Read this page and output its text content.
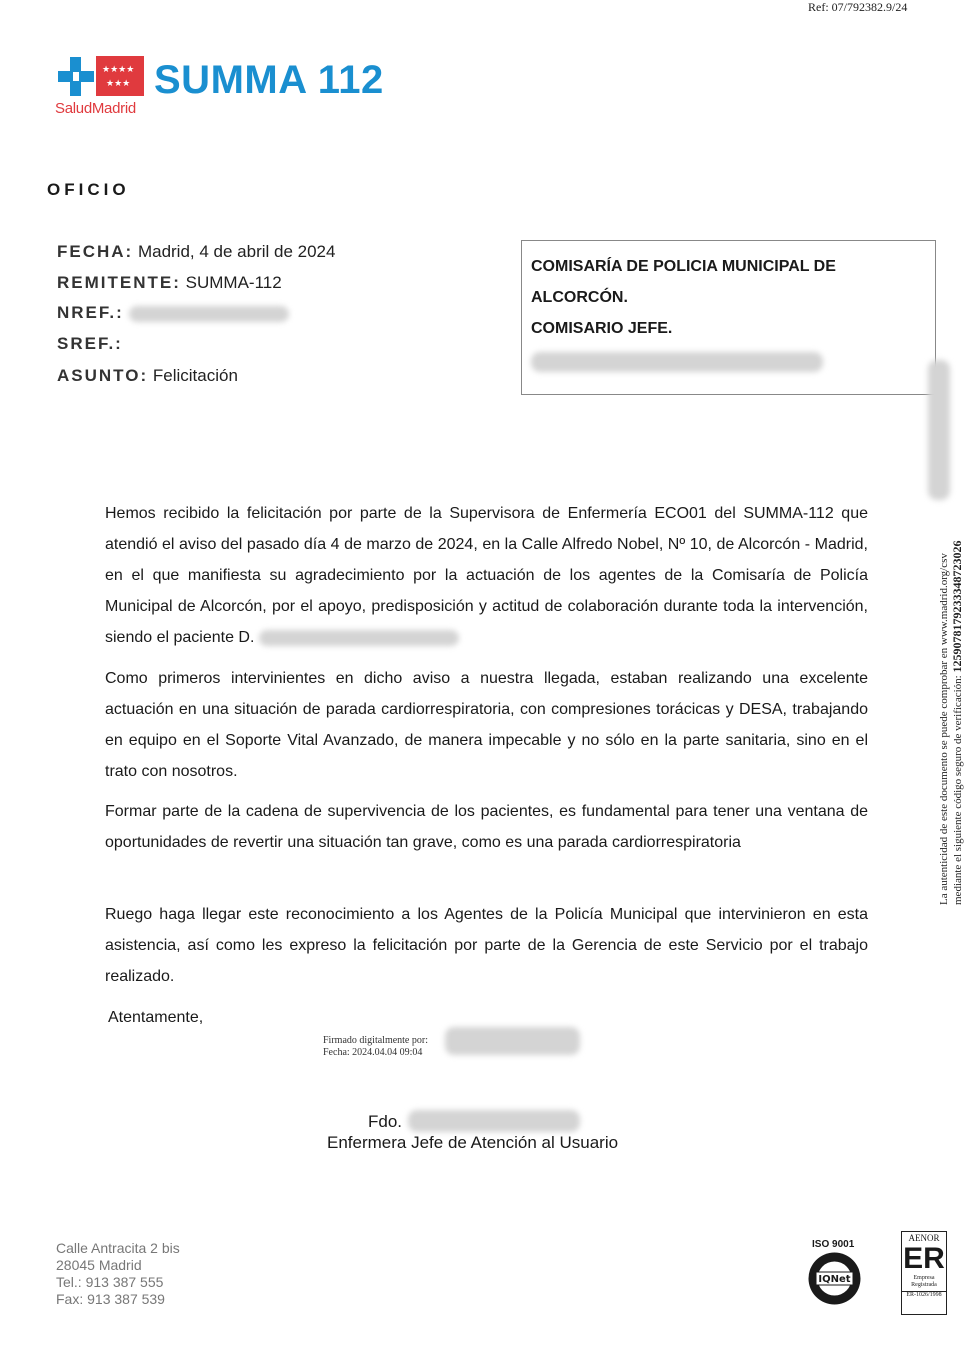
Ref: 07/792382.9/24
★★★★
★★★ SUMMA 112
SaludMadrid
OFICIO
FECHA: Madrid, 4 de abril de 2024
REMITENTE: SUMMA-112
NREF.:
SREF.:
ASUNTO: Felicitación
COMISARÍA DE POLICIA MUNICIPAL DE
ALCORCÓN.
COMISARIO JEFE.
Hemos recibido la felicitación por parte de la Supervisora de Enfermería ECO01 del SUMMA-112 que atendió el aviso del pasado día 4 de marzo de 2024, en la Calle Alfredo Nobel, Nº 10, de Alcorcón - Madrid, en el que manifiesta su agradecimiento por la actuación de los agentes de la Comisaría de Policía Municipal de Alcorcón, por el apoyo, predisposición y actitud de colaboración durante toda la intervención, siendo el paciente D.
Como primeros intervinientes en dicho aviso a nuestra llegada, estaban realizando una excelente actuación en una situación de parada cardiorrespiratoria, con compresiones torácicas y DESA, trabajando en equipo en el Soporte Vital Avanzado, de manera impecable y no sólo en la parte sanitaria, sino en el trato con nosotros.
Formar parte de la cadena de supervivencia de los pacientes, es fundamental para tener una ventana de oportunidades de revertir una situación tan grave, como es una parada cardiorrespiratoria
Ruego haga llegar este reconocimiento a los Agentes de la Policía Municipal que intervinieron en esta asistencia, así como les expreso la felicitación por parte de la Gerencia de este Servicio por el trabajo realizado.
Atentamente,
Firmado digitalmente por:
Fecha: 2024.04.04 09:04
Fdo.
Enfermera Jefe de Atención al Usuario
La autenticidad de este documento se puede comprobar en www.madrid.org/csv mediante el siguiente código seguro de verificación: 1259078179233348723026
Calle Antracita 2 bis
28045 Madrid
Tel.: 913 387 555
Fax: 913 387 539
ISO 9001
IQNet
AENOR
ER
Empresa Registrada
ER-1026/1998
